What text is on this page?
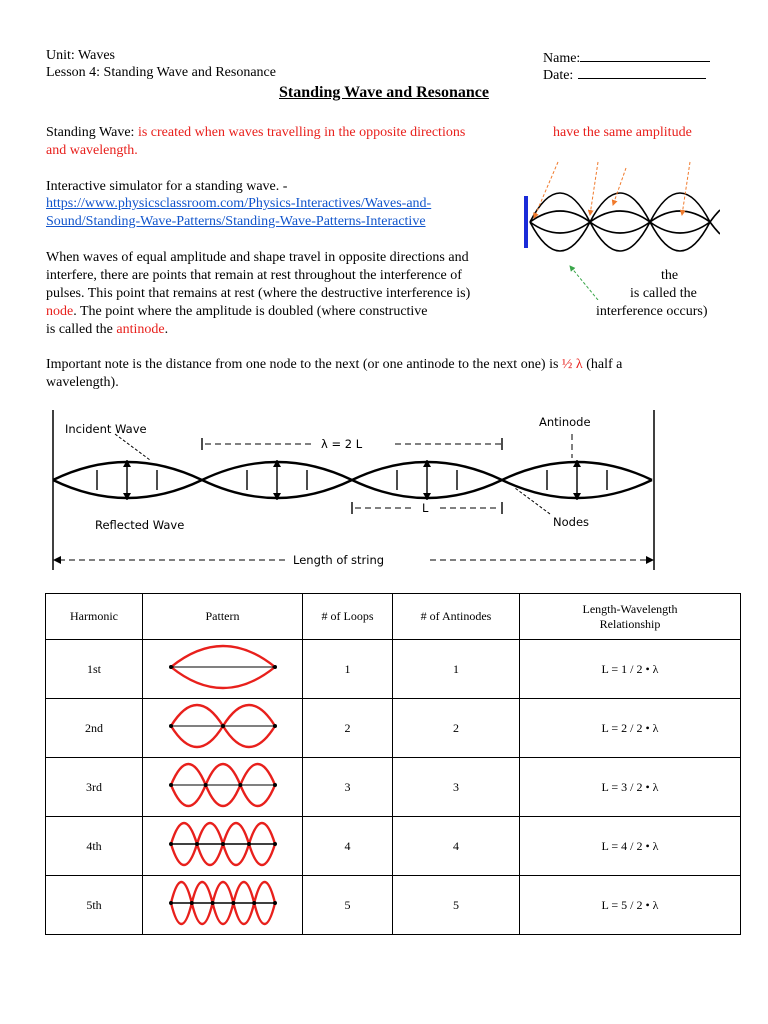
Unit: Waves
Lesson 4: Standing Wave and Resonance
Name:
Date:
Standing Wave and Resonance
Standing Wave: is created when waves travelling in the opposite directions	have the same amplitude
and wavelength.
Interactive simulator for a standing wave. -
https://www.physicsclassroom.com/Physics-Interactives/Waves-and-
Sound/Standing-Wave-Patterns/Standing-Wave-Patterns-Interactive
When waves of equal amplitude and shape travel in opposite directions and
interfere, there are points that remain at rest throughout the interference of
pulses. This point that remains at rest (where the destructive interference is)
node. The point where the amplitude is doubled (where constructive
is called the antinode.
the
is called the
interference occurs)
Important note is the distance from one node to the next (or one antinode to the next one) is ½ λ (half a
wavelength).
Incident Wave
λ = 2 L
Antinode
Reflected Wave
L
Nodes
Length of string
Harmonic	Pattern	# of Loops	# of Antinodes	Length-Wavelength
Relationship
1st		1	1	L = 1 / 2 • λ
2nd		2	2	L = 2 / 2 • λ
3rd		3	3	L = 3 / 2 • λ
4th		4	4	L = 4 / 2 • λ
5th		5	5	L = 5 / 2 • λ
